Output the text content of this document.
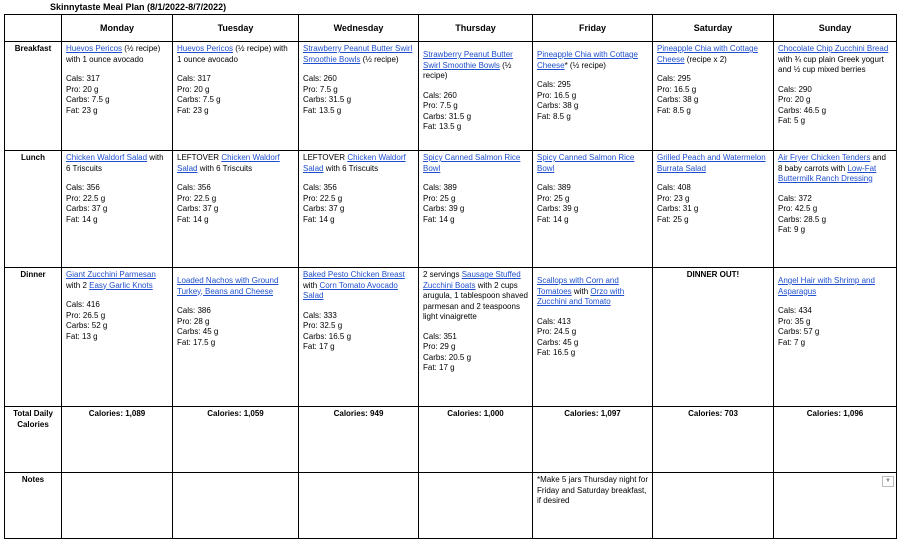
Skinnytaste Meal Plan (8/1/2022-8/7/2022)
	Monday	Tuesday	Wednesday	Thursday	Friday	Saturday	Sunday
Breakfast	Huevos Pericos (½ recipe) with 1 ounce avocado
Cals: 317
Pro: 20 g
Carbs: 7.5 g
Fat: 23 g	Huevos Pericos (½ recipe) with 1 ounce avocado
Cals: 317
Pro: 20 g
Carbs: 7.5 g
Fat: 23 g	Strawberry Peanut Butter Swirl Smoothie Bowls (½ recipe)
Cals: 260
Pro: 7.5 g
Carbs: 31.5 g
Fat: 13.5 g	Strawberry Peanut Butter Swirl Smoothie Bowls (½ recipe)
Cals: 260
Pro: 7.5 g
Carbs: 31.5 g
Fat: 13.5 g	Pineapple Chia with Cottage Cheese* (½ recipe)
Cals: 295
Pro: 16.5 g
Carbs: 38 g
Fat: 8.5 g	Pineapple Chia with Cottage Cheese (recipe x 2)
Cals: 295
Pro: 16.5 g
Carbs: 38 g
Fat: 8.5 g	Chocolate Chip Zucchini Bread with ¾ cup plain Greek yogurt and ½ cup mixed berries
Cals: 290
Pro: 20 g
Carbs: 46.5 g
Fat: 5 g

Lunch	Chicken Waldorf Salad with 6 Triscuits
Cals: 356
Pro: 22.5 g
Carbs: 37 g
Fat: 14 g	LEFTOVER Chicken Waldorf Salad with 6 Triscuits
Cals: 356
Pro: 22.5 g
Carbs: 37 g
Fat: 14 g	LEFTOVER Chicken Waldorf Salad with 6 Triscuits
Cals: 356
Pro: 22.5 g
Carbs: 37 g
Fat: 14 g	Spicy Canned Salmon Rice Bowl
Cals: 389
Pro: 25 g
Carbs: 39 g
Fat: 14 g	Spicy Canned Salmon Rice Bowl
Cals: 389
Pro: 25 g
Carbs: 39 g
Fat: 14 g	Grilled Peach and Watermelon Burrata Salad
Cals: 408
Pro: 23 g
Carbs: 31 g
Fat: 25 g	Air Fryer Chicken Tenders and 8 baby carrots with Low-Fat Buttermilk Ranch Dressing
Cals: 372
Pro: 42.5 g
Carbs: 28.5 g
Fat: 9 g

Dinner	Giant Zucchini Parmesan with 2 Easy Garlic Knots
Cals: 416
Pro: 26.5 g
Carbs: 52 g
Fat: 13 g	Loaded Nachos with Ground Turkey, Beans and Cheese
Cals: 386
Pro: 28 g
Carbs: 45 g
Fat: 17.5 g	Baked Pesto Chicken Breast with Corn Tomato Avocado Salad
Cals: 333
Pro: 32.5 g
Carbs: 16.5 g
Fat: 17 g	2 servings Sausage Stuffed Zucchini Boats with 2 cups arugula, 1 tablespoon shaved parmesan and 2 teaspoons light vinaigrette
Cals: 351
Pro: 29 g
Carbs: 20.5 g
Fat: 17 g	Scallops with Corn and Tomatoes with Orzo with Zucchini and Tomato
Cals: 413
Pro: 24.5 g
Carbs: 45 g
Fat: 16.5 g	DINNER OUT!	Angel Hair with Shrimp and Asparagus
Cals: 434
Pro: 35 g
Carbs: 57 g
Fat: 7 g

Total Daily Calories	Calories: 1,089	Calories: 1,059	Calories: 949	Calories: 1,000	Calories: 1,097	Calories: 703	Calories: 1,096
Notes					*Make 5 jars Thursday night for Friday and Saturday breakfast, if desired		▼
